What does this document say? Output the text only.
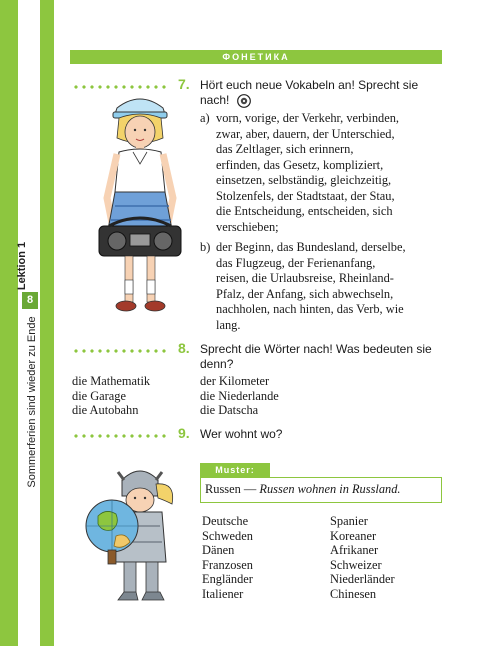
Lektion 1
8
Sommerferien sind wieder zu Ende
ФОНЕТИКА
7. Hört euch neue Vokabeln an! Sprecht sie
nach!
a) vorn, vorige, der Verkehr, verbinden,
zwar, aber, dauern, der Unterschied,
das Zeltlager, sich erinnern,
erfinden, das Gesetz, kompliziert,
einsetzen, selbständig, gleichzeitig,
Stolzenfels, der Stadtstaat, der Stau,
die Entscheidung, entscheiden, sich
verschieben;
b) der Beginn, das Bundesland, derselbe,
das Flugzeug, der Ferienanfang,
reisen, die Urlaubsreise, Rheinland-
Pfalz, der Anfang, sich abwechseln,
nachholen, nach hinten, das Verb, wie
lang.
8. Sprecht die Wörter nach! Was bedeuten sie
denn?
die Mathematik
die Garage
die Autobahn
der Kilometer
die Niederlande
die Datscha
9. Wer wohnt wo?
Muster:
Russen — Russen wohnen in Russland.
Deutsche
Schweden
Dänen
Franzosen
Engländer
Italiener
Spanier
Koreaner
Afrikaner
Schweizer
Niederländer
Chinesen
